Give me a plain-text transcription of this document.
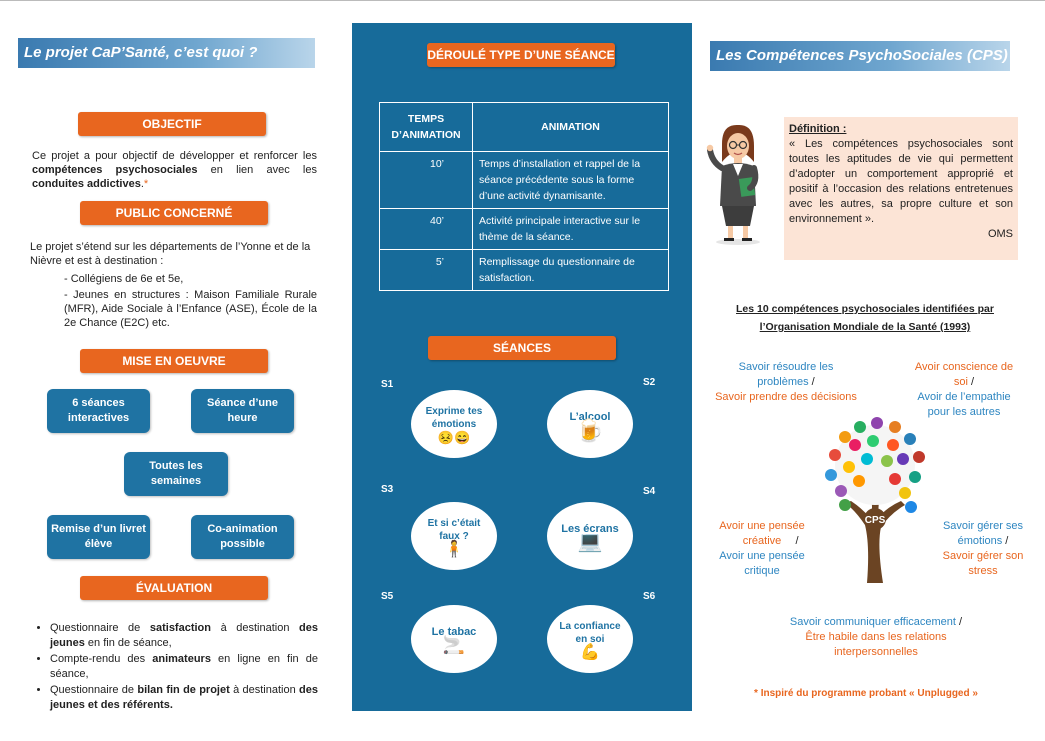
Le projet CaP’Santé, c’est quoi ?
OBJECTIF
Ce projet a pour objectif de développer et renforcer les compétences psychosociales en lien avec les conduites addictives.*
PUBLIC CONCERNÉ
Le projet s’étend sur les départements de l’Yonne et de la Nièvre et est à destination :
- Collégiens de 6e et 5e,
- Jeunes en structures : Maison Familiale Rurale (MFR), Aide Sociale à l’Enfance (ASE), École de la 2e Chance (E2C) etc.
MISE EN OEUVRE
6 séances interactives
Séance d’une heure
Toutes les semaines
Remise d’un livret élève
Co-animation possible
ÉVALUATION
• Questionnaire de satisfaction à destination des jeunes en fin de séance,
• Compte-rendu des animateurs en ligne en fin de séance,
• Questionnaire de bilan fin de projet à destination des jeunes et des référents.
DÉROULÉ TYPE D’UNE SÉANCE
TEMPS D’ANIMATION	ANIMATION
10’	Temps d’installation et rappel de la séance précédente sous la forme d’une activité dynamisante.
40’	Activité principale interactive sur le thème de la séance.
5’	Remplissage du questionnaire de satisfaction.
SÉANCES
S1	S2
S3	S4
S5	S6
Exprime tes émotions
😣😄
L’alcool
🍺
Et si c’était faux ?
🧍
Les écrans
💻
Le tabac
🚬
La confiance en soi
💪
Les Compétences PsychoSociales (CPS)
Définition :
« Les compétences psychosociales sont toutes les aptitudes de vie qui permettent d’adopter un comportement approprié et positif à l’occasion des relations entretenues avec les autres, sa propre culture et son environnement ».
OMS
Les 10 compétences psychosociales identifiées par
l’Organisation Mondiale de la Santé (1993)
Savoir résoudre les problèmes /
Savoir prendre des décisions
Avoir conscience de soi /
Avoir de l’empathie pour les autres
CPS
Avoir une pensée créative	/
Avoir une pensée critique
Savoir gérer ses émotions /
Savoir gérer son stress
Savoir communiquer efficacement /
Être habile dans les relations interpersonnelles
* Inspiré du programme probant « Unplugged »
